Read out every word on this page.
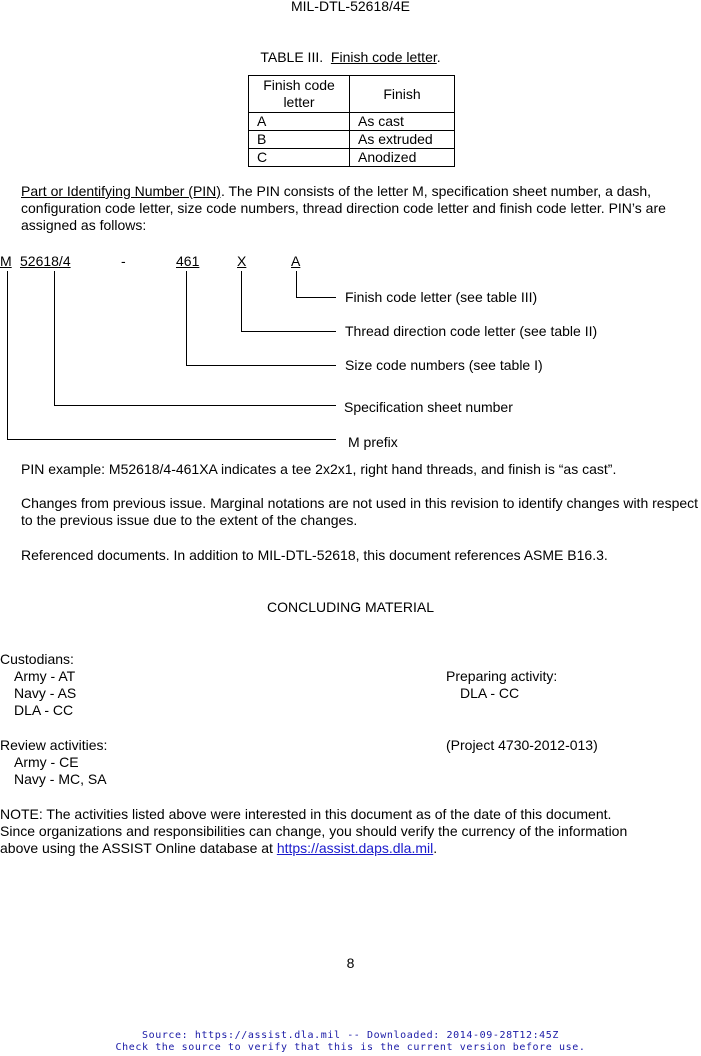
MIL-DTL-52618/4E
TABLE III. Finish code letter.
Finish code letter	Finish
A	As cast
B	As extruded
C	Anodized
Part or Identifying Number (PIN). The PIN consists of the letter M, specification sheet number, a dash, configuration code letter, size code numbers, thread direction code letter and finish code letter. PIN’s are assigned as follows:
M 52618/4	-	461	X	A
Finish code letter (see table III)
Thread direction code letter (see table II)
Size code numbers (see table I)
Specification sheet number
M prefix
PIN example: M52618/4-461XA indicates a tee 2x2x1, right hand threads, and finish is “as cast”.
Changes from previous issue. Marginal notations are not used in this revision to identify changes with respect to the previous issue due to the extent of the changes.
Referenced documents. In addition to MIL-DTL-52618, this document references ASME B16.3.
CONCLUDING MATERIAL
Custodians:
Army - AT
Navy - AS
DLA - CC
Preparing activity:
DLA - CC
Review activities:
Army - CE
Navy - MC, SA
(Project 4730-2012-013)
NOTE: The activities listed above were interested in this document as of the date of this document.
Since organizations and responsibilities can change, you should verify the currency of the information
above using the ASSIST Online database at https://assist.daps.dla.mil.
8
Source: https://assist.dla.mil -- Downloaded: 2014-09-28T12:45Z
Check the source to verify that this is the current version before use.
